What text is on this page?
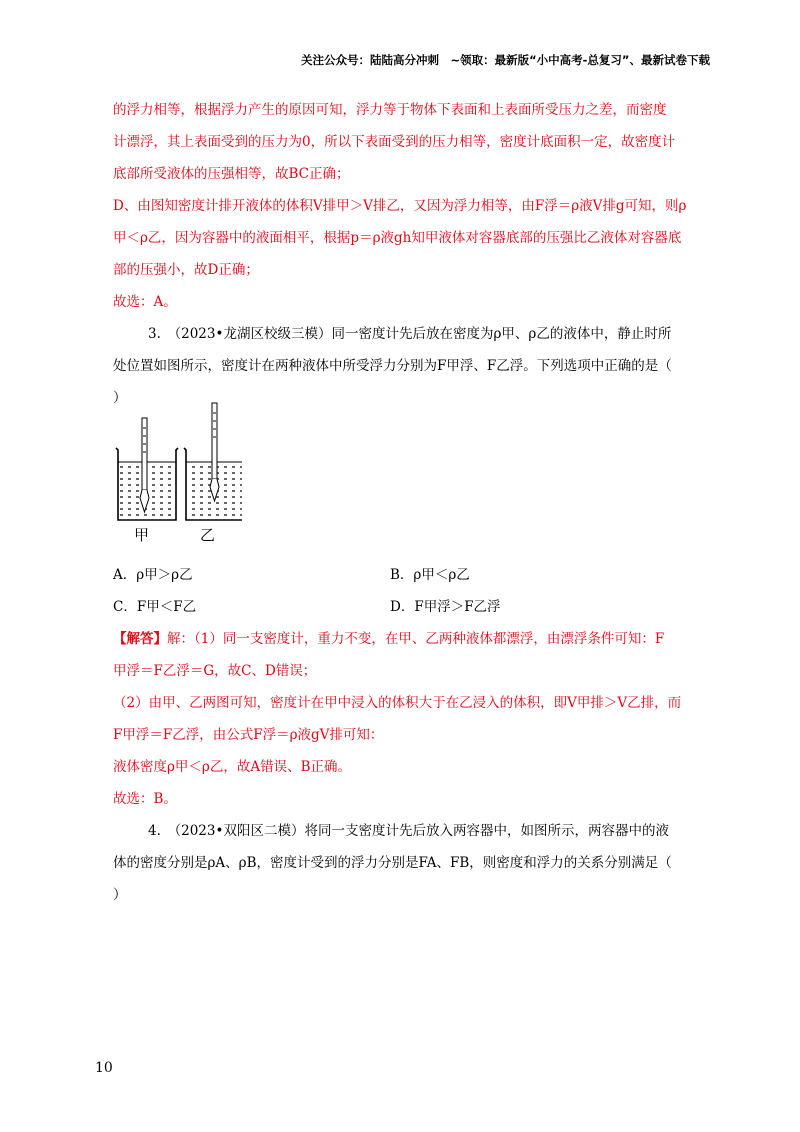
关注公众号：陆陆高分冲刺　~领取：最新版“小中高考-总复习”、最新试卷下载
的浮力相等，根据浮力产生的原因可知，浮力等于物体下表面和上表面所受压力之差，而密度
计漂浮，其上表面受到的压力为0，所以下表面受到的压力相等，密度计底面积一定，故密度计
底部所受液体的压强相等，故BC正确；
D、由图知密度计排开液体的体积V排甲＞V排乙，又因为浮力相等，由F浮＝ρ液V排g可知，则ρ
甲＜ρ乙，因为容器中的液面相平，根据p＝ρ液gh知甲液体对容器底部的压强比乙液体对容器底
部的压强小，故D正确；
故选：A。
3.　（2023•龙湖区校级三模）同一密度计先后放在密度为ρ甲、ρ乙的液体中，静止时所
处位置如图所示，密度计在两种液体中所受浮力分别为F甲浮、F乙浮。下列选项中正确的是（
）
甲	乙
A．ρ甲＞ρ乙	B．ρ甲＜ρ乙
C．F甲＜F乙	D．F甲浮＞F乙浮
【解答】解：（1）同一支密度计，重力不变，在甲、乙两种液体都漂浮，由漂浮条件可知：F
甲浮＝F乙浮＝G，故C、D错误；
（2）由甲、乙两图可知，密度计在甲中浸入的体积大于在乙浸入的体积，即V甲排＞V乙排，而
F甲浮＝F乙浮，由公式F浮＝ρ液gV排可知：
液体密度ρ甲＜ρ乙，故A错误、B正确。
故选：B。
4.　（2023•双阳区二模）将同一支密度计先后放入两容器中，如图所示，两容器中的液
体的密度分别是ρA、ρB，密度计受到的浮力分别是FA、FB，则密度和浮力的关系分别满足（
）
10
